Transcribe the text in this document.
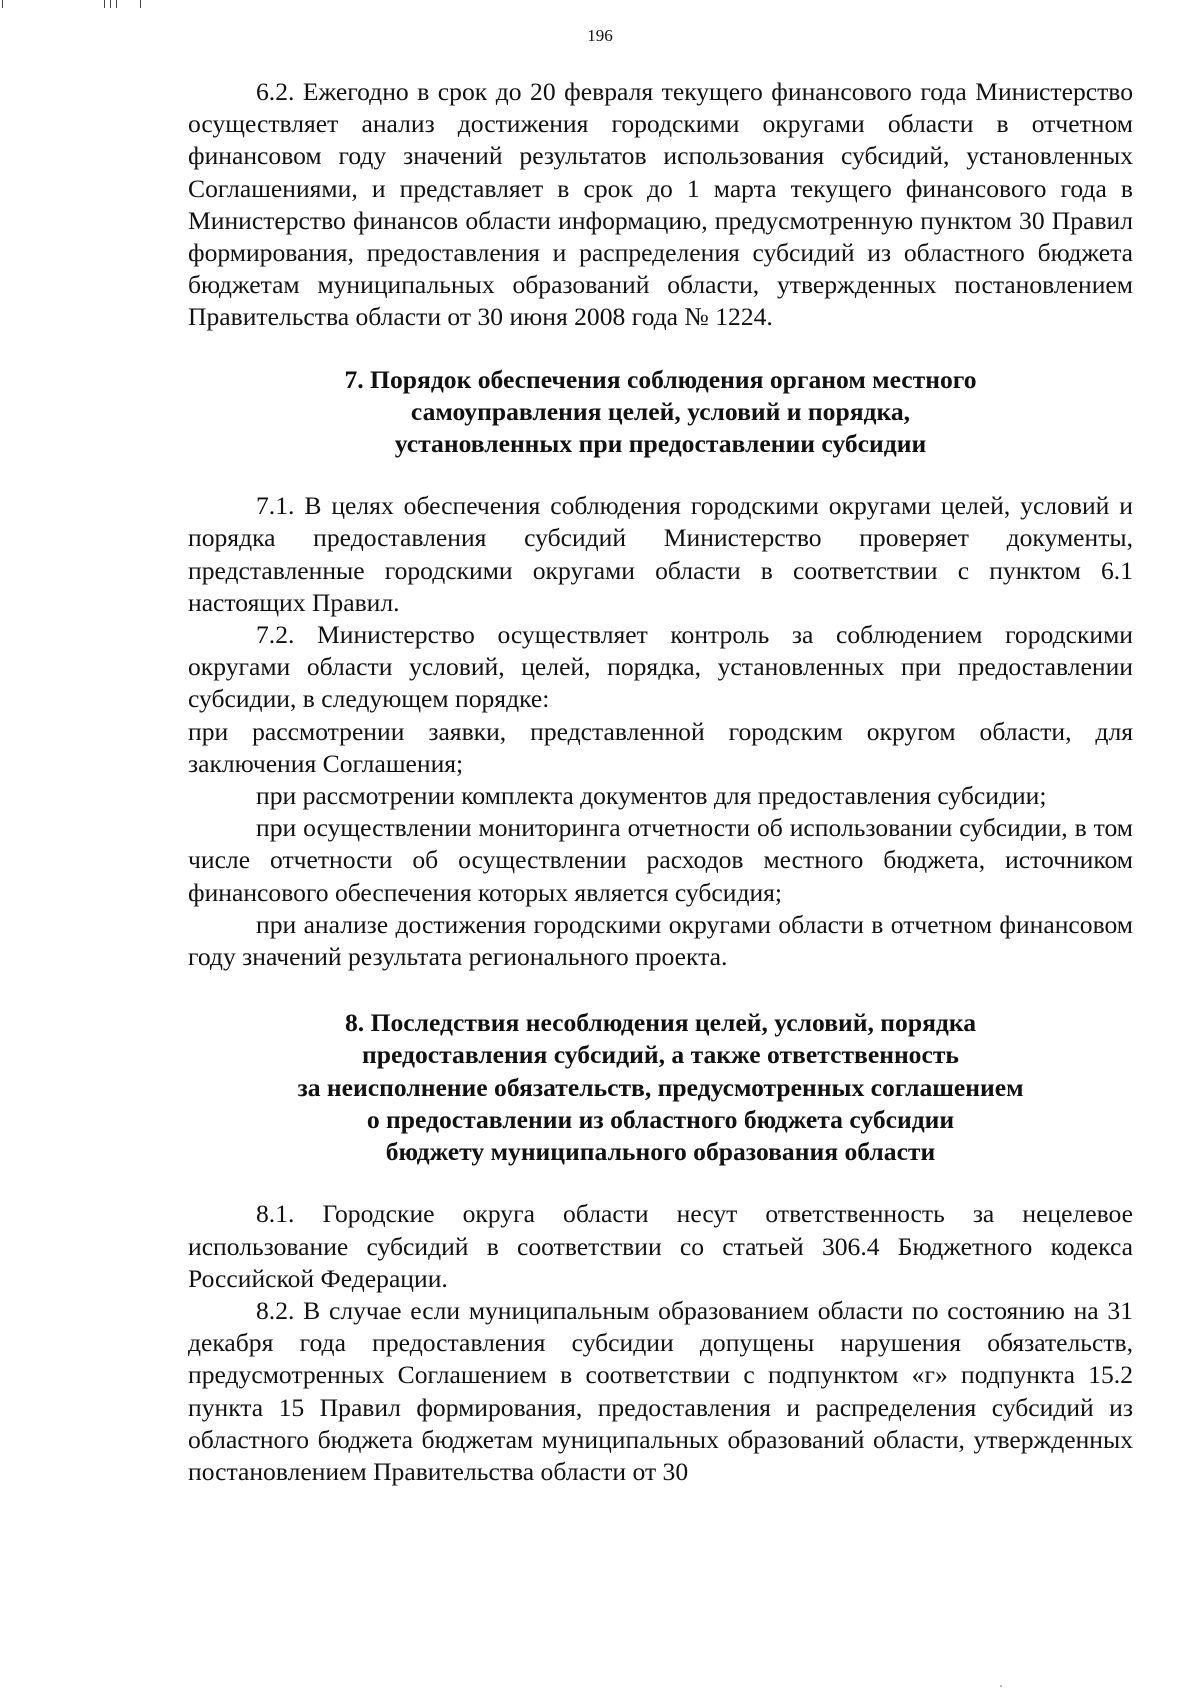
196

6.2. Ежегодно в срок до 20 февраля текущего финансового года Министерство осуществляет анализ достижения городскими округами области в отчетном финансовом году значений результатов использования субсидий, установленных Соглашениями, и представляет в срок до 1 марта текущего финансового года в Министерство финансов области информацию, предусмотренную пунктом 30 Правил формирования, предоставления и распределения субсидий из областного бюджета бюджетам муниципальных образований области, утвержденных постановлением Правительства области от 30 июня 2008 года № 1224.

7. Порядок обеспечения соблюдения органом местного
самоуправления целей, условий и порядка,
установленных при предоставлении субсидии

7.1. В целях обеспечения соблюдения городскими округами целей, условий и порядка предоставления субсидий Министерство проверяет документы, представленные городскими округами области в соответствии с пунктом 6.1 настоящих Правил.

7.2. Министерство осуществляет контроль за соблюдением городскими округами области условий, целей, порядка, установленных при предоставлении субсидии, в следующем порядке:

при рассмотрении заявки, представленной городским округом области, для заключения Соглашения;

при рассмотрении комплекта документов для предоставления субсидии;

при осуществлении мониторинга отчетности об использовании субсидии, в том числе отчетности об осуществлении расходов местного бюджета, источником финансового обеспечения которых является субсидия;

при анализе достижения городскими округами области в отчетном финансовом году значений результата регионального проекта.

8. Последствия несоблюдения целей, условий, порядка
предоставления субсидий, а также ответственность
за неисполнение обязательств, предусмотренных соглашением
о предоставлении из областного бюджета субсидии
бюджету муниципального образования области

8.1. Городские округа области несут ответственность за нецелевое использование субсидий в соответствии со статьей 306.4 Бюджетного кодекса Российской Федерации.

8.2. В случае если муниципальным образованием области по состоянию на 31 декабря года предоставления субсидии допущены нарушения обязательств, предусмотренных Соглашением в соответствии с подпунктом «г» подпункта 15.2 пункта 15 Правил формирования, предоставления и распределения субсидий из областного бюджета бюджетам муниципальных образований области, утвержденных постановлением Правительства области от 30
